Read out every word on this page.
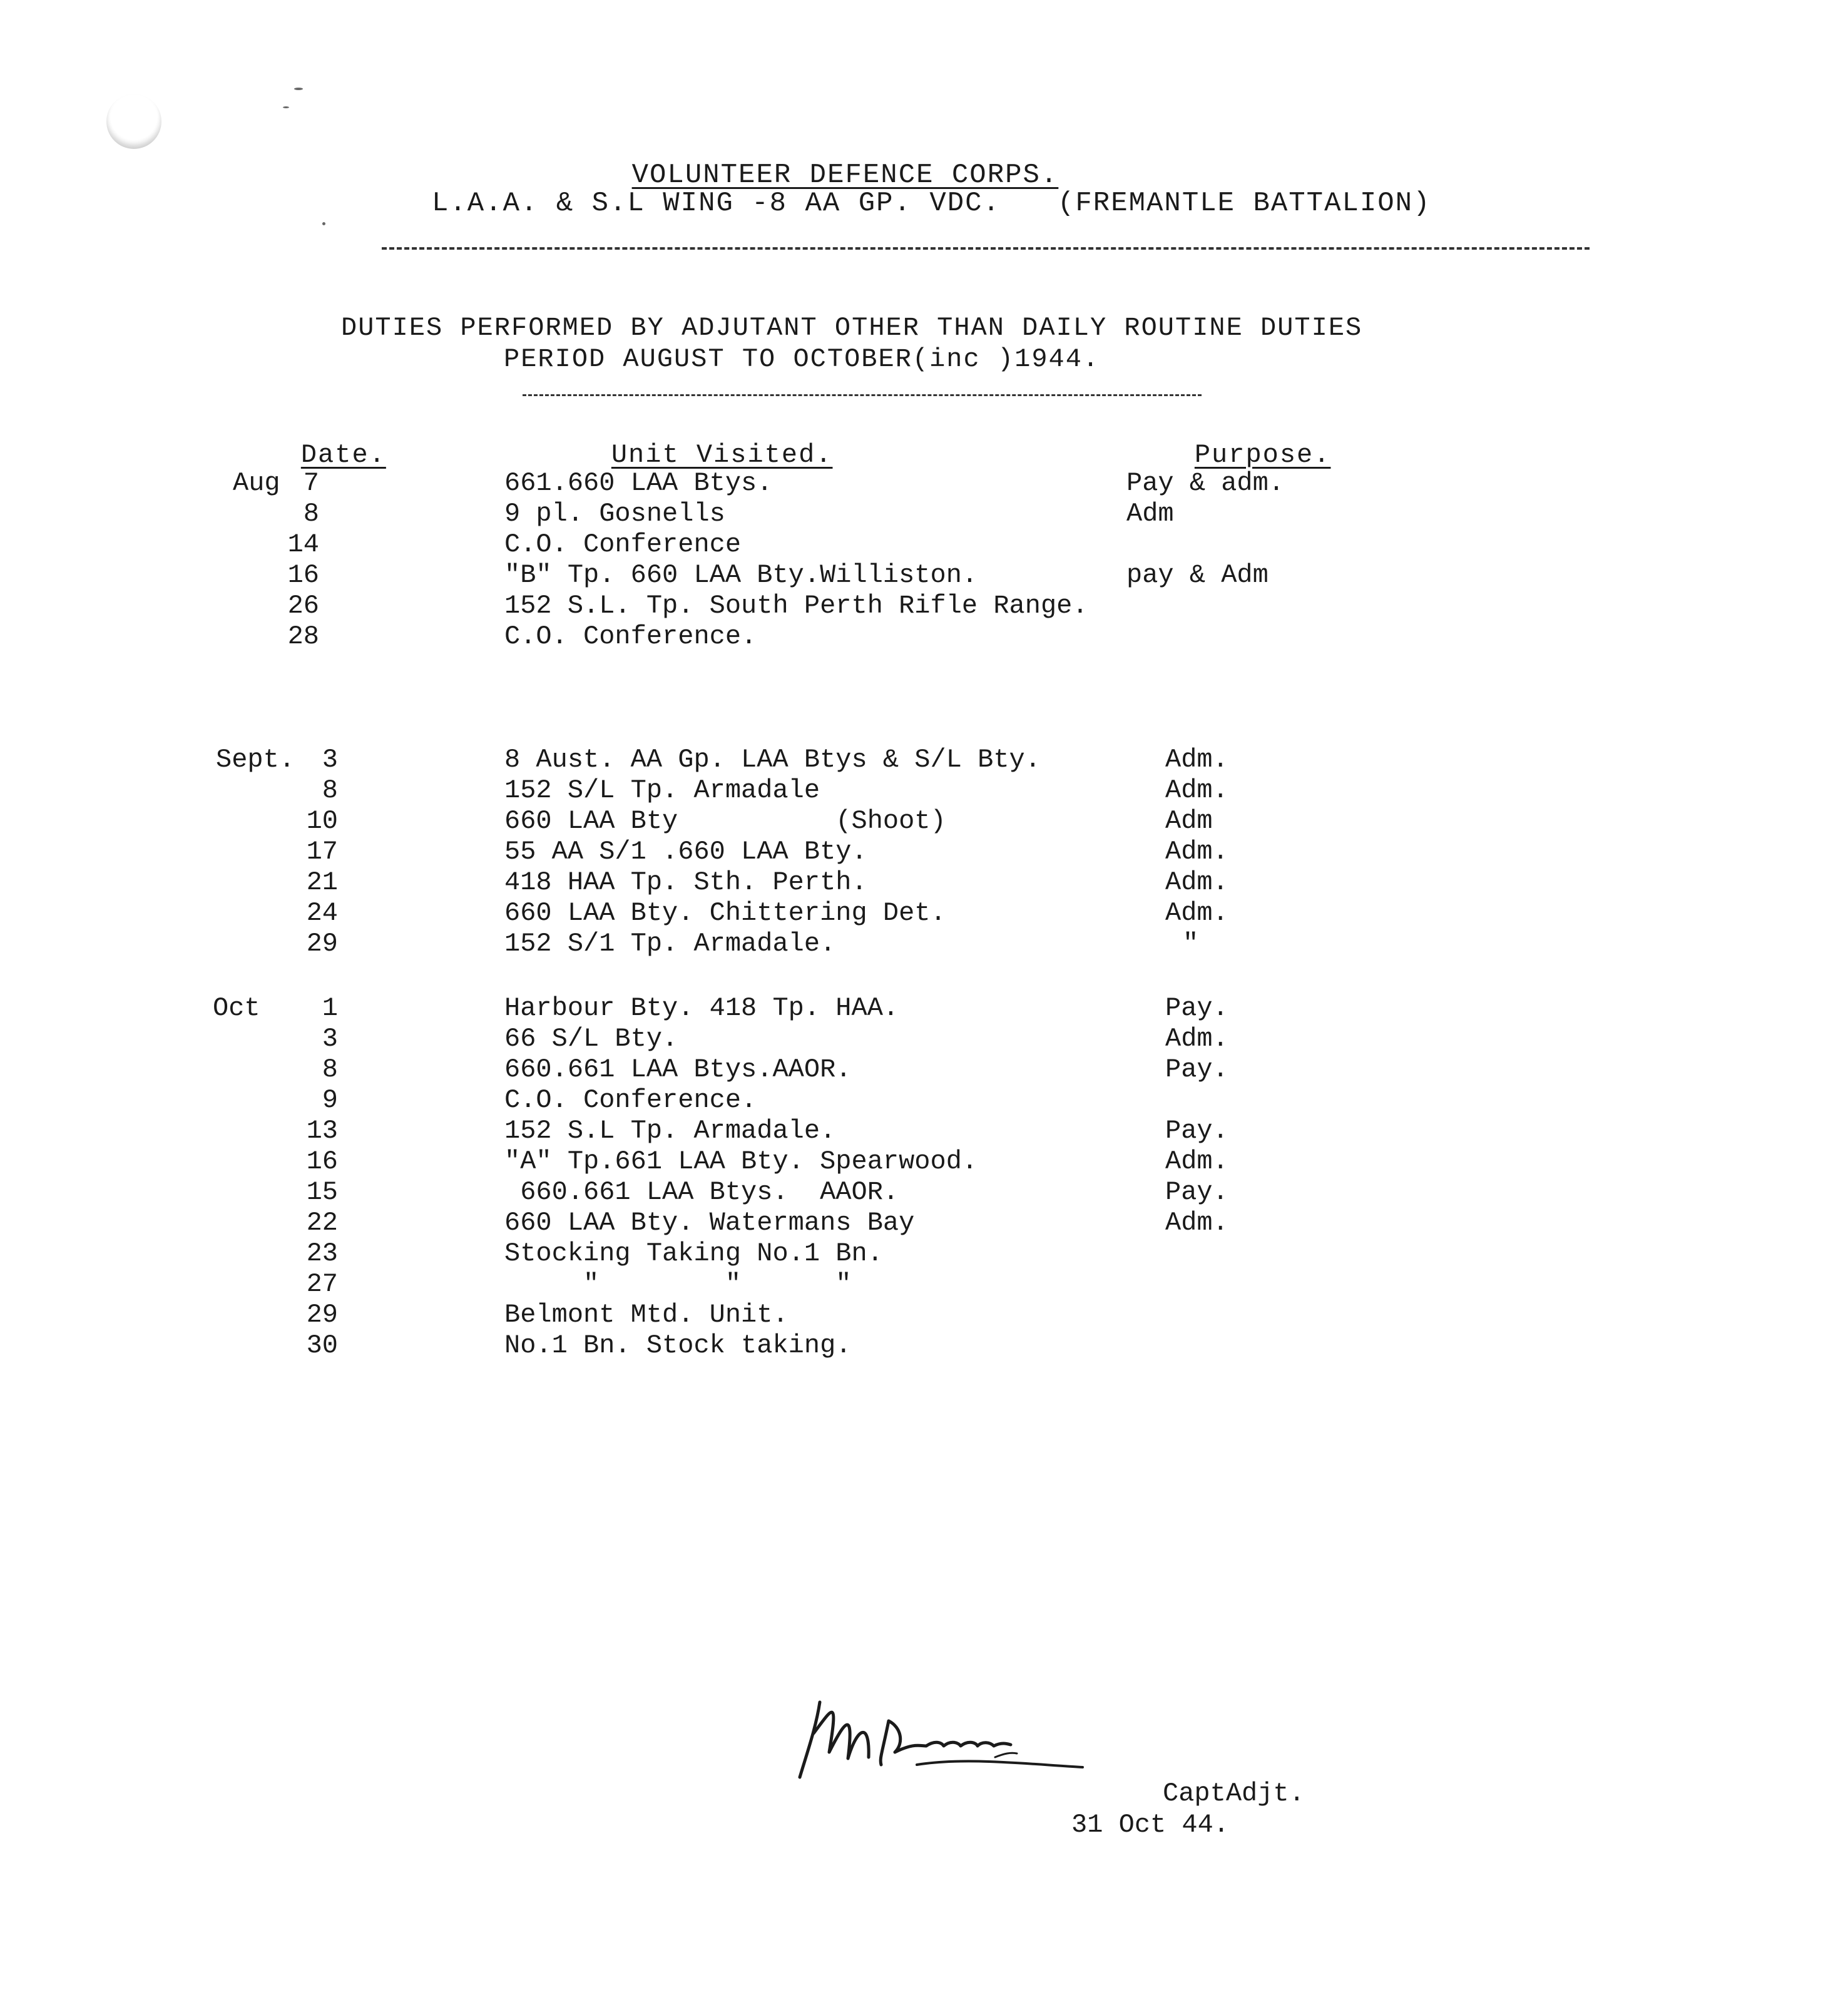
VOLUNTEER DEFENCE CORPS.

L.A.A. & S.L WING -8 AA GP. VDC. (FREMANTLE BATTALION)
DUTIES PERFORMED BY ADJUTANT OTHER THAN DAILY ROUTINE DUTIES
PERIOD AUGUST TO OCTOBER(inc )1944.

Date.
	Unit Visited.
	Purpose.

Aug 7	661.660 LAA Btys.	Pay & adm.
8	9 pl. Gosnells	Adm
14	C.O. Conference
16	"B" Tp. 660 LAA Bty.Williston.	pay & Adm
26	152 S.L. Tp. South Perth Rifle Range.
28	C.O. Conference.
Sept.	3	8 Aust. AA Gp. LAA Btys & S/L Bty.	Adm.
8	152 S/L Tp. Armadale	Adm.
10	660 LAA Bty          (Shoot)	Adm
17	55 AA S/1 .660 LAA Bty.	Adm.
21	418 HAA Tp. Sth. Perth.	Adm.
24	660 LAA Bty. Chittering Det.	Adm.
29	152 S/1 Tp. Armadale.	"
Oct	1	Harbour Bty. 418 Tp. HAA.	Pay.
3	66 S/L Bty.	Adm.
8	660.661 LAA Btys.AAOR.	Pay.
9	C.O. Conference.
13	152 S.L Tp. Armadale.	Pay.
16	"A" Tp.661 LAA Bty. Spearwood.	Adm.
15	660.661 LAA Btys.  AAOR.	Pay.
22	660 LAA Bty. Watermans Bay	Adm.
23	Stocking Taking No.1 Bn.
27	"        "      "
29	Belmont Mtd. Unit.
30	No.1 Bn. Stock taking.
CaptAdjt.
31 Oct 44.
